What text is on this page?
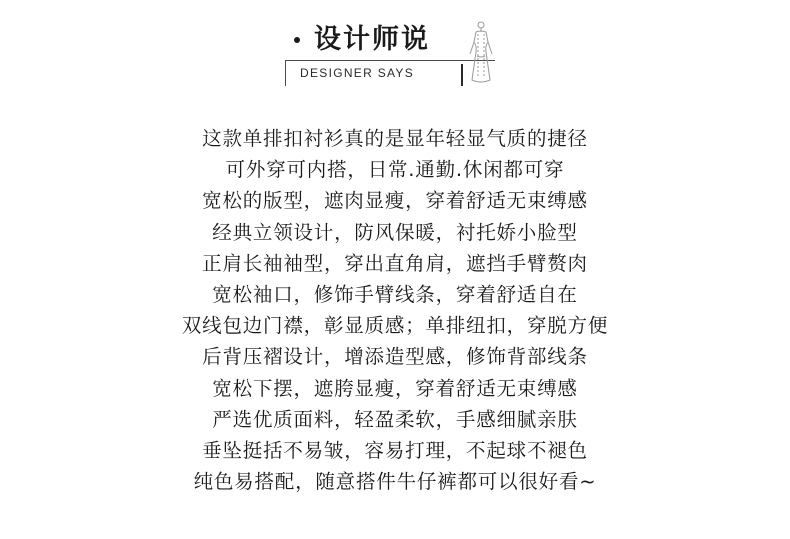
设计师说
DESIGNER SAYS
这款单排扣衬衫真的是显年轻显气质的捷径
可外穿可内搭，日常.通勤.休闲都可穿
宽松的版型，遮肉显瘦，穿着舒适无束缚感
经典立领设计，防风保暖，衬托娇小脸型
正肩长袖袖型，穿出直角肩，遮挡手臂赘肉
宽松袖口，修饰手臂线条，穿着舒适自在
双线包边门襟，彰显质感；单排纽扣，穿脱方便
后背压褶设计，增添造型感，修饰背部线条
宽松下摆，遮胯显瘦，穿着舒适无束缚感
严选优质面料，轻盈柔软，手感细腻亲肤
垂坠挺括不易皱，容易打理，不起球不褪色
纯色易搭配，随意搭件牛仔裤都可以很好看~
